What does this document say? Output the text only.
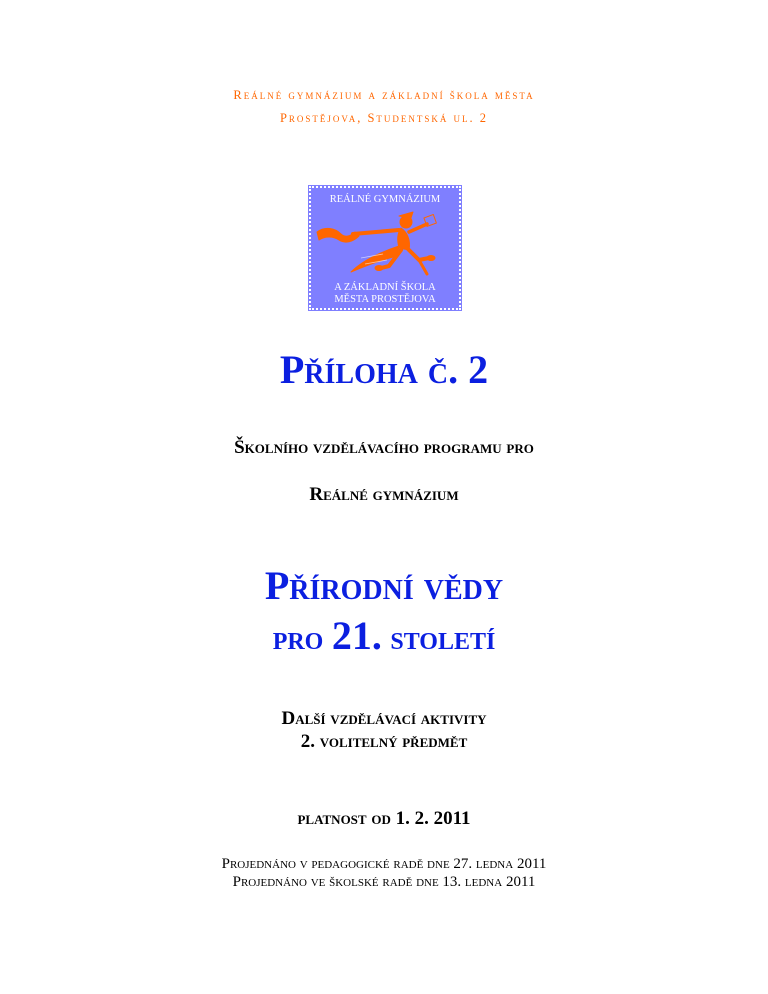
Reálné gymnázium a základní škola města
Prostějova, Studentská ul. 2
REÁLNÉ GYMNÁZIUM
A ZÁKLADNÍ ŠKOLA
MĚSTA PROSTĚJOVA
Příloha č. 2
Školního vzdělávacího programu pro
Reálné gymnázium
Přírodní vědy
pro 21. století
Další vzdělávací aktivity
2. volitelný předmět
platnost od 1. 2. 2011
Projednáno v pedagogické radě dne 27. ledna 2011
Projednáno ve školské radě dne 13. ledna 2011
